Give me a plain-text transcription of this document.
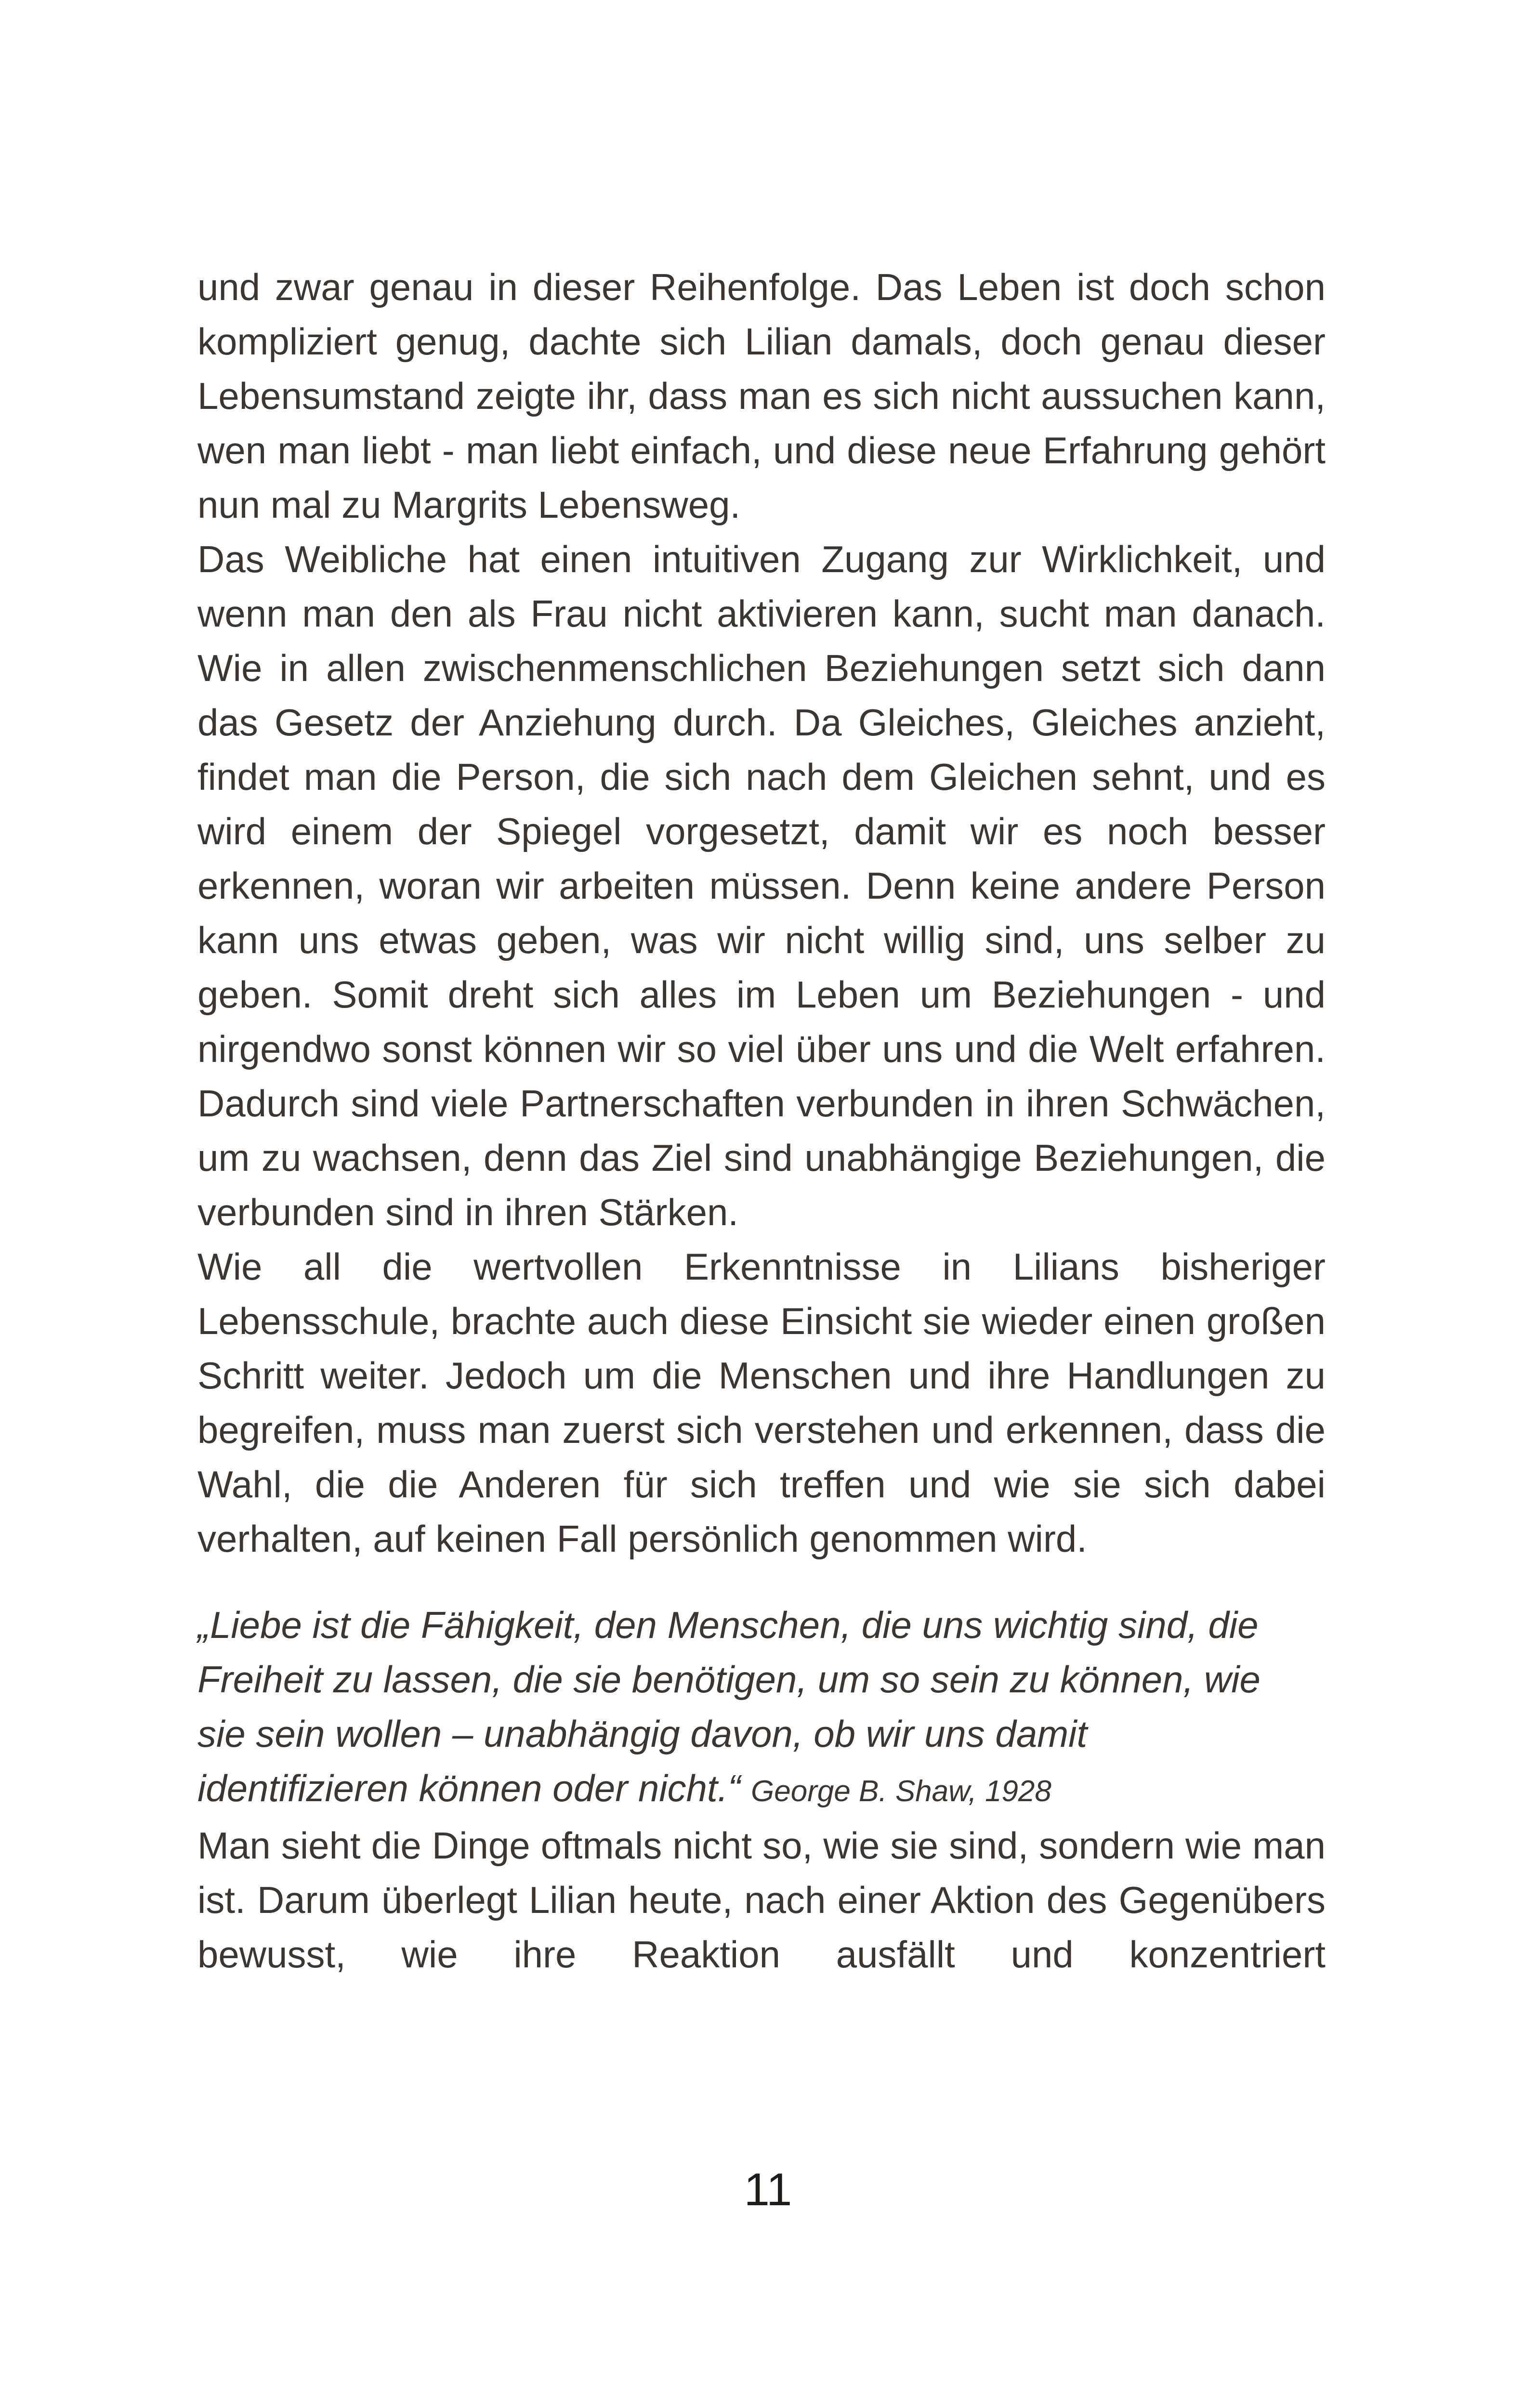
und zwar genau in dieser Reihenfolge. Das Leben ist doch schon kompliziert genug, dachte sich Lilian damals, doch genau dieser Lebensumstand zeigte ihr, dass man es sich nicht aussuchen kann, wen man liebt - man liebt einfach, und diese neue Erfahrung gehört nun mal zu Margrits Lebensweg.

Das Weibliche hat einen intuitiven Zugang zur Wirklichkeit, und wenn man den als Frau nicht aktivieren kann, sucht man danach. Wie in allen zwischenmenschlichen Beziehungen setzt sich dann das Gesetz der Anziehung durch. Da Gleiches, Gleiches anzieht, findet man die Person, die sich nach dem Gleichen sehnt, und es wird einem der Spiegel vorgesetzt, damit wir es noch besser erkennen, woran wir arbeiten müssen. Denn keine andere Person kann uns etwas geben, was wir nicht willig sind, uns selber zu geben. Somit dreht sich alles im Leben um Beziehungen - und nirgendwo sonst können wir so viel über uns und die Welt erfahren. Dadurch sind viele Partnerschaften verbunden in ihren Schwächen, um zu wachsen, denn das Ziel sind unabhängige Beziehungen, die verbunden sind in ihren Stärken.

Wie all die wertvollen Erkenntnisse in Lilians bisheriger Lebensschule, brachte auch diese Einsicht sie wieder einen großen Schritt weiter. Jedoch um die Menschen und ihre Handlungen zu begreifen, muss man zuerst sich verstehen und erkennen, dass die Wahl, die die Anderen für sich treffen und wie sie sich dabei verhalten, auf keinen Fall persönlich genommen wird.

„Liebe ist die Fähigkeit, den Menschen, die uns wichtig sind, die
Freiheit zu lassen, die sie benötigen, um so sein zu können, wie
sie sein wollen – unabhängig davon, ob wir uns damit
identifizieren können oder nicht.“ George B. Shaw, 1928

Man sieht die Dinge oftmals nicht so, wie sie sind, sondern wie man ist. Darum überlegt Lilian heute, nach einer Aktion des Gegenübers bewusst, wie ihre Reaktion ausfällt und konzentriert

11
